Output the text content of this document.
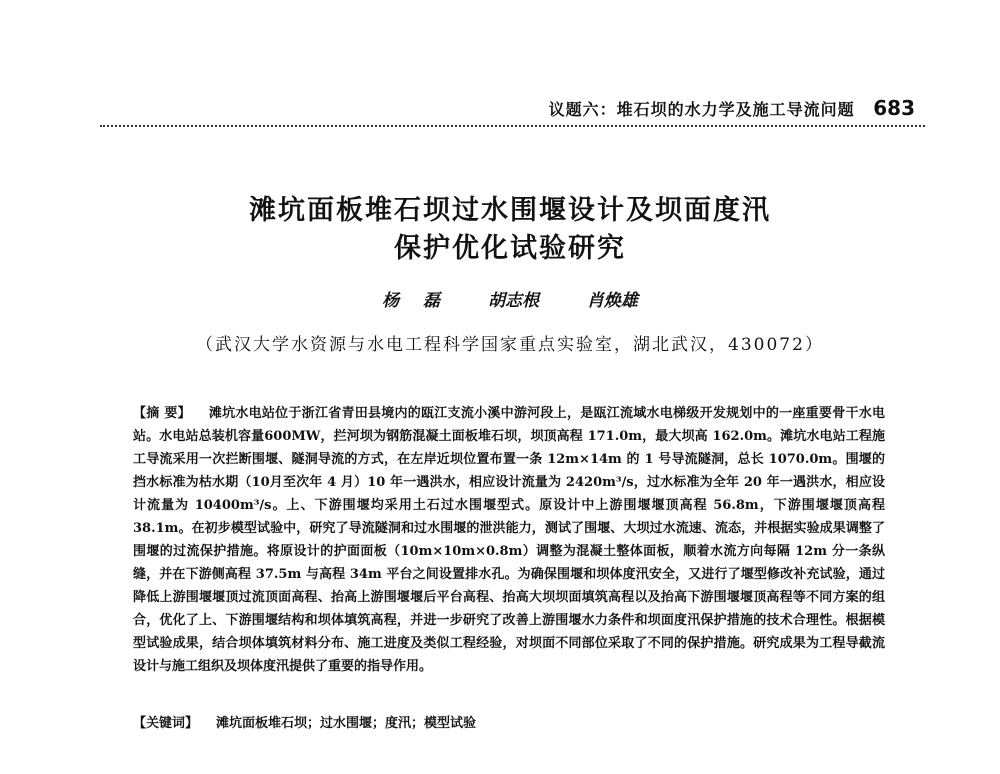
议题六：堆石坝的水力学及施工导流问题 683
滩坑面板堆石坝过水围堰设计及坝面度汛
保护优化试验研究
杨 磊	胡志根	肖焕雄
（武汉大学水资源与水电工程科学国家重点实验室，湖北武汉，430072）

【摘 要】 滩坑水电站位于浙江省青田县境内的瓯江支流小溪中游河段上，是瓯江流域水电梯级开发规划中的一座重要骨干水电站。水电站总装机容量600MW，拦河坝为钢筋混凝土面板堆石坝，坝顶高程 171.0m，最大坝高 162.0m。滩坑水电站工程施工导流采用一次拦断围堰、隧洞导流的方式，在左岸近坝位置布置一条 12m×14m 的 1 号导流隧洞，总长 1070.0m。围堰的挡水标准为枯水期（10月至次年 4 月）10 年一遇洪水，相应设计流量为 2420m³/s，过水标准为全年 20 年一遇洪水，相应设计流量为 10400m³/s。上、下游围堰均采用土石过水围堰型式。原设计中上游围堰堰顶高程 56.8m，下游围堰堰顶高程 38.1m。在初步模型试验中，研究了导流隧洞和过水围堰的泄洪能力，测试了围堰、大坝过水流速、流态，并根据实验成果调整了围堰的过流保护措施。将原设计的护面面板（10m×10m×0.8m）调整为混凝土整体面板，顺着水流方向每隔 12m 分一条纵缝，并在下游侧高程 37.5m 与高程 34m 平台之间设置排水孔。为确保围堰和坝体度汛安全，又进行了堰型修改补充试验，通过降低上游围堰堰顶过流顶面高程、抬高上游围堰堰后平台高程、抬高大坝坝面填筑高程以及抬高下游围堰堰顶高程等不同方案的组合，优化了上、下游围堰结构和坝体填筑高程，并进一步研究了改善上游围堰水力条件和坝面度汛保护措施的技术合理性。根据模型试验成果，结合坝体填筑材料分布、施工进度及类似工程经验，对坝面不同部位采取了不同的保护措施。研究成果为工程导截流设计与施工组织及坝体度汛提供了重要的指导作用。

【关键词】 滩坑面板堆石坝；过水围堰；度汛；模型试验
